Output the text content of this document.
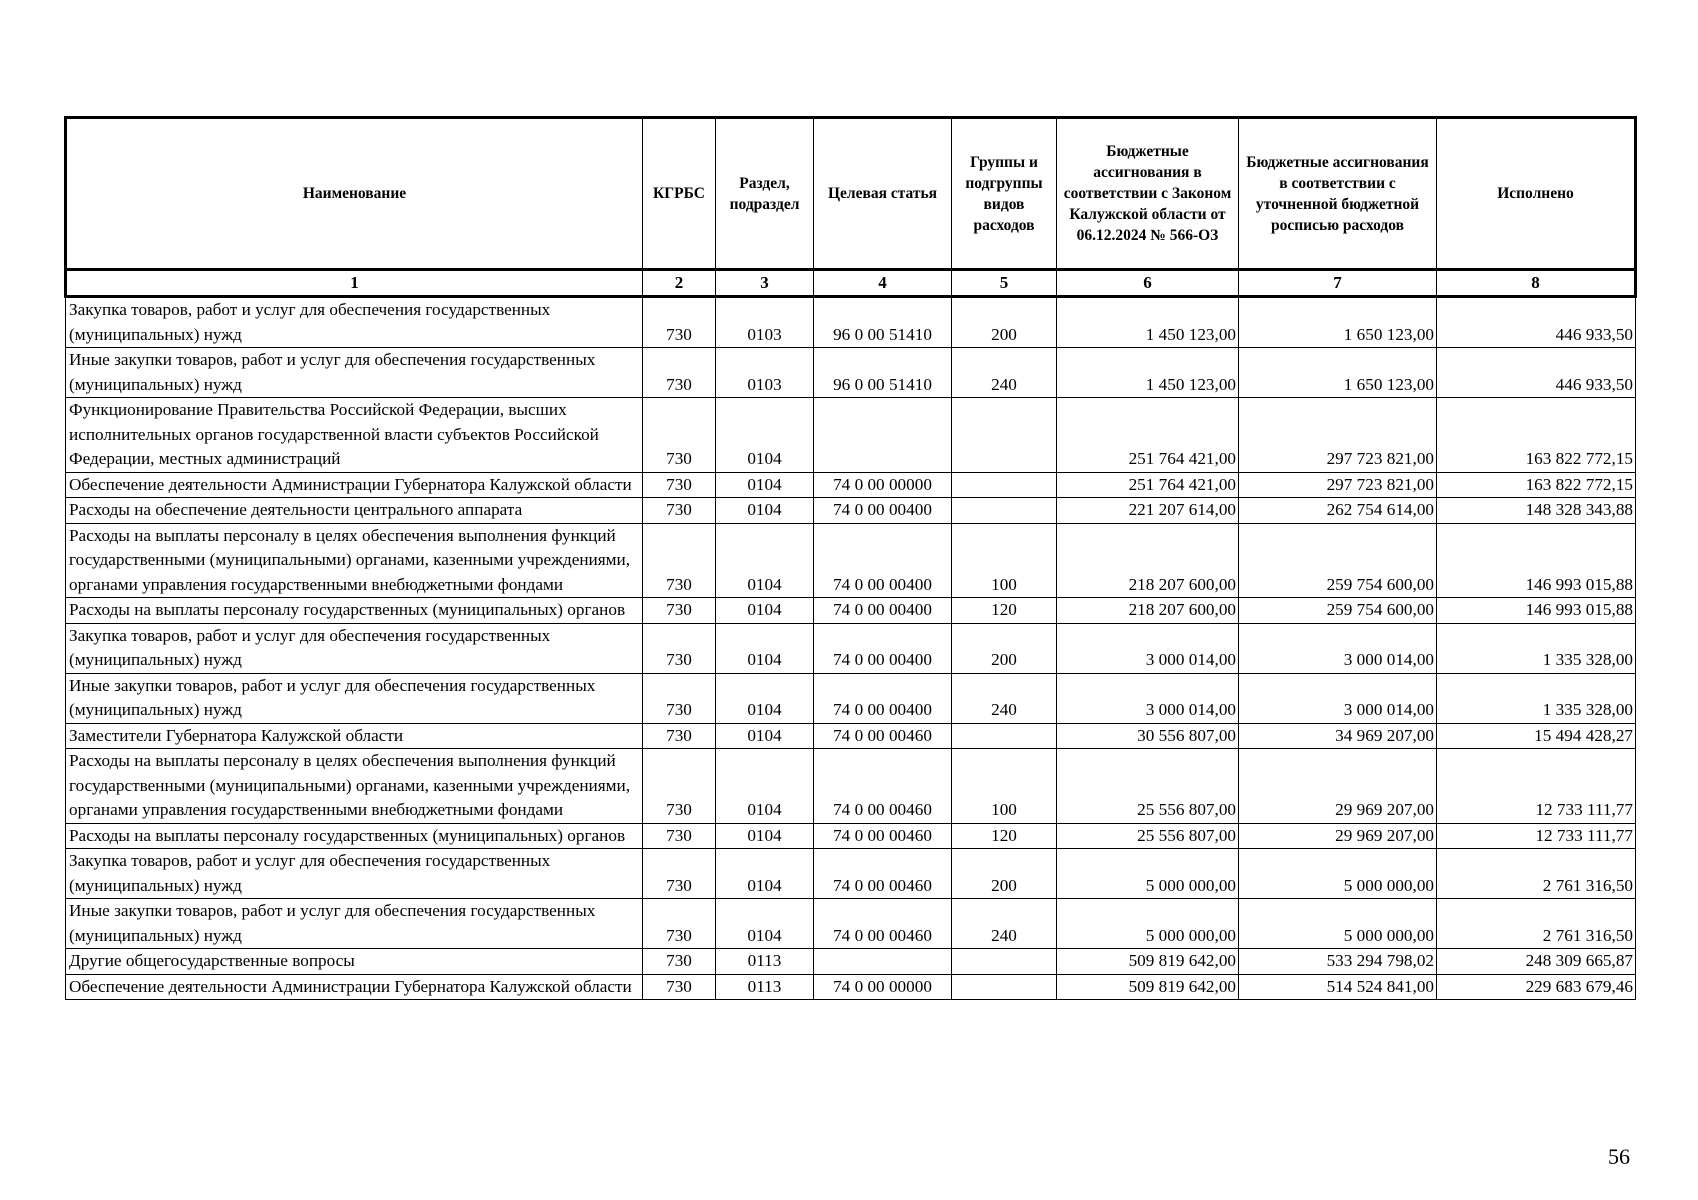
Наименование	КГРБС	Раздел, подраздел	Целевая статья	Группы и подгруппы видов расходов	Бюджетные ассигнования в соответствии с Законом Калужской области от 06.12.2024 № 566-ОЗ	Бюджетные ассигнования в соответствии с уточненной бюджетной росписью расходов	Исполнено
1	2	3	4	5	6	7	8
Закупка товаров, работ и услуг для обеспечения государственных (муниципальных) нужд	730	0103	96 0 00 51410	200	1 450 123,00	1 650 123,00	446 933,50
Иные закупки товаров, работ и услуг для обеспечения государственных (муниципальных) нужд	730	0103	96 0 00 51410	240	1 450 123,00	1 650 123,00	446 933,50
Функционирование Правительства Российской Федерации, высших исполнительных органов государственной власти субъектов Российской Федерации, местных администраций	730	0104			251 764 421,00	297 723 821,00	163 822 772,15
Обеспечение деятельности Администрации Губернатора Калужской области	730	0104	74 0 00 00000		251 764 421,00	297 723 821,00	163 822 772,15
Расходы на обеспечение деятельности центрального аппарата	730	0104	74 0 00 00400		221 207 614,00	262 754 614,00	148 328 343,88
Расходы на выплаты персоналу в целях обеспечения выполнения функций государственными (муниципальными) органами, казенными учреждениями, органами управления государственными внебюджетными фондами	730	0104	74 0 00 00400	100	218 207 600,00	259 754 600,00	146 993 015,88
Расходы на выплаты персоналу государственных (муниципальных) органов	730	0104	74 0 00 00400	120	218 207 600,00	259 754 600,00	146 993 015,88
Закупка товаров, работ и услуг для обеспечения государственных (муниципальных) нужд	730	0104	74 0 00 00400	200	3 000 014,00	3 000 014,00	1 335 328,00
Иные закупки товаров, работ и услуг для обеспечения государственных (муниципальных) нужд	730	0104	74 0 00 00400	240	3 000 014,00	3 000 014,00	1 335 328,00
Заместители Губернатора Калужской области	730	0104	74 0 00 00460		30 556 807,00	34 969 207,00	15 494 428,27
Расходы на выплаты персоналу в целях обеспечения выполнения функций государственными (муниципальными) органами, казенными учреждениями, органами управления государственными внебюджетными фондами	730	0104	74 0 00 00460	100	25 556 807,00	29 969 207,00	12 733 111,77
Расходы на выплаты персоналу государственных (муниципальных) органов	730	0104	74 0 00 00460	120	25 556 807,00	29 969 207,00	12 733 111,77
Закупка товаров, работ и услуг для обеспечения государственных (муниципальных) нужд	730	0104	74 0 00 00460	200	5 000 000,00	5 000 000,00	2 761 316,50
Иные закупки товаров, работ и услуг для обеспечения государственных (муниципальных) нужд	730	0104	74 0 00 00460	240	5 000 000,00	5 000 000,00	2 761 316,50
Другие общегосударственные вопросы	730	0113			509 819 642,00	533 294 798,02	248 309 665,87
Обеспечение деятельности Администрации Губернатора Калужской области	730	0113	74 0 00 00000		509 819 642,00	514 524 841,00	229 683 679,46
56
